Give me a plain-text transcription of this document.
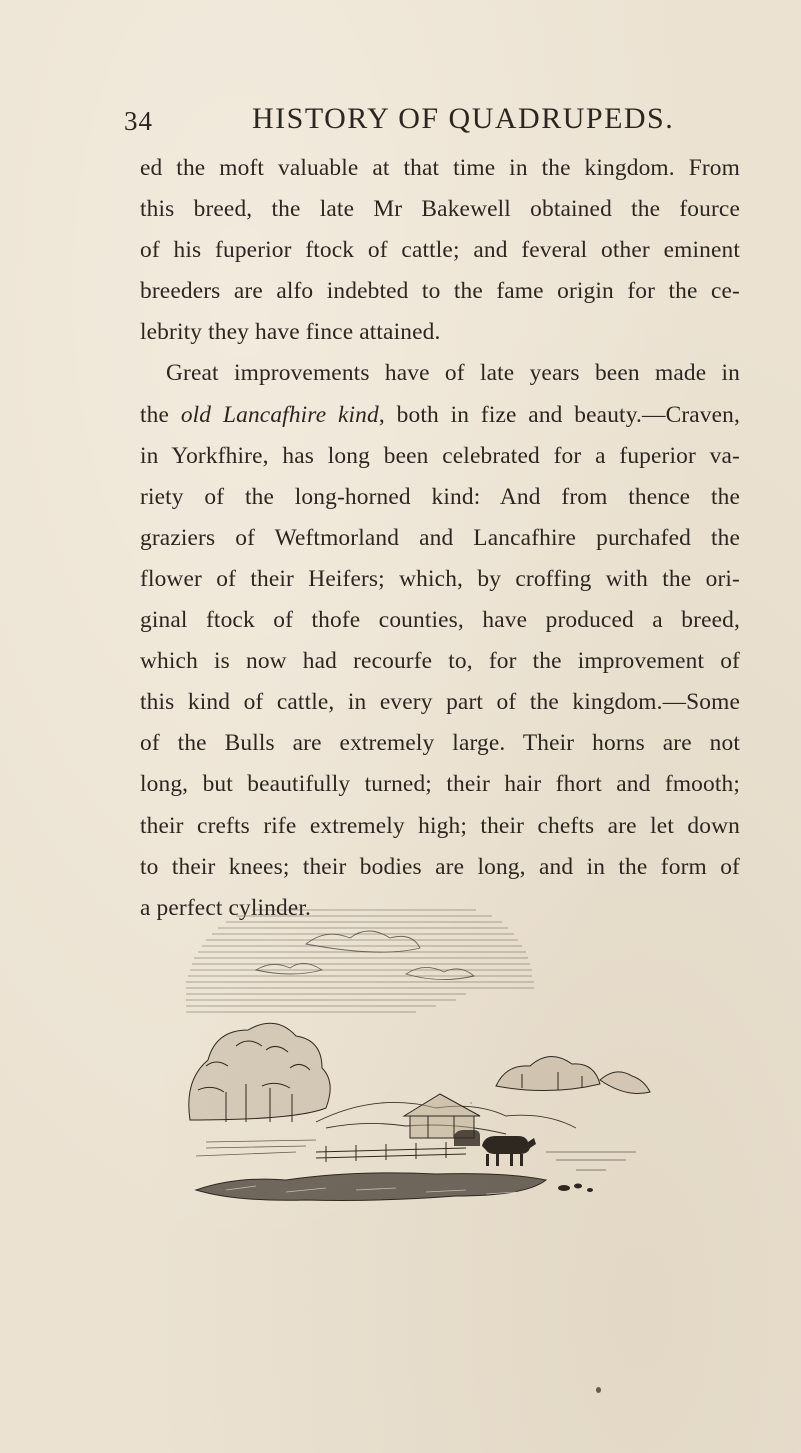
34	HISTORY OF QUADRUPEDS.
ed the moft valuable at that time in the kingdom. From
this breed, the late Mr Bakewell obtained the fource
of his fuperior ftock of cattle; and feveral other eminent
breeders are alfo indebted to the fame origin for the ce-
lebrity they have fince attained.
Great improvements have of late years been made in
the old Lancafhire kind, both in fize and beauty.—Craven,
in Yorkfhire, has long been celebrated for a fuperior va-
riety of the long-horned kind: And from thence the
graziers of Weftmorland and Lancafhire purchafed the
flower of their Heifers; which, by croffing with the ori-
ginal ftock of thofe counties, have produced a breed,
which is now had recourfe to, for the improvement of
this kind of cattle, in every part of the kingdom.—Some
of the Bulls are extremely large. Their horns are not
long, but beautifully turned; their hair fhort and fmooth;
their crefts rife extremely high; their chefts are let down
to their knees; their bodies are long, and in the form of
a perfect cylinder.
